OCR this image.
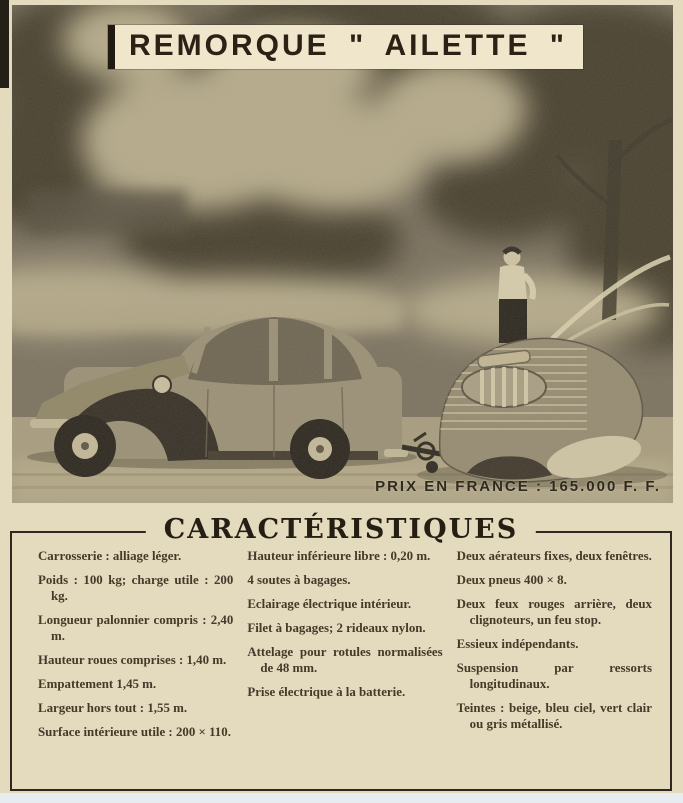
REMORQUE " AILETTE "
PRIX EN FRANCE : 165.000 F. F.
CARACTÉRISTIQUES

Carrosserie : alliage léger.

Poids : 100 kg; charge utile : 200 kg.

Longueur palonnier compris : 2,40 m.

Hauteur roues comprises : 1,40 m.

Empattement 1,45 m.

Largeur hors tout : 1,55 m.

Surface intérieure utile : 200 × 110.

Hauteur inférieure libre : 0,20 m.

4 soutes à bagages.

Eclairage électrique intérieur.

Filet à bagages; 2 rideaux nylon.

Attelage pour rotules normalisées de 48 mm.

Prise électrique à la batterie.

Deux aérateurs fixes, deux fenêtres.

Deux pneus 400 × 8.

Deux feux rouges arrière, deux clignoteurs, un feu stop.

Essieux indépendants.

Suspension par ressorts longitudinaux.

Teintes : beige, bleu ciel, vert clair ou gris métallisé.
